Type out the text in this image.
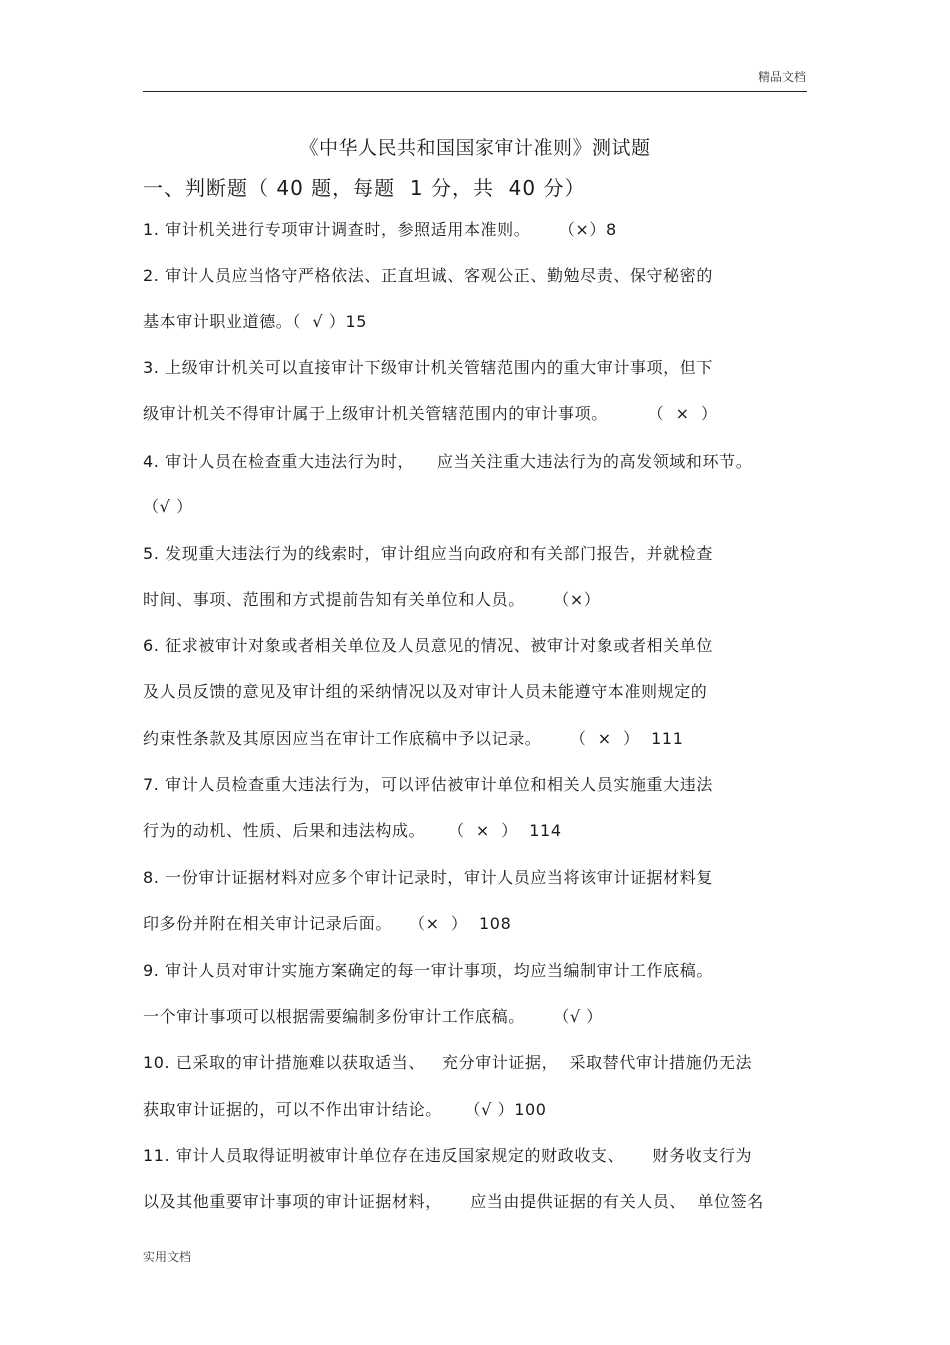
精品文档
《中华人民共和国国家审计准则》测试题
一、判断题（ 40 题，每题  1 分，共  40 分）
1. 审计机关进行专项审计调查时，参照适用本准则。     （×）8
2. 审计人员应当恪守严格依法、正直坦诚、客观公正、勤勉尽责、保守秘密的
基本审计职业道德。（  √ ）15
3. 上级审计机关可以直接审计下级审计机关管辖范围内的重大审计事项，但下
级审计机关不得审计属于上级审计机关管辖范围内的审计事项。       （  ×  ）
4. 审计人员在检查重大违法行为时，    应当关注重大违法行为的高发领域和环节。
（√ ）
5. 发现重大违法行为的线索时，审计组应当向政府和有关部门报告，并就检查
时间、事项、范围和方式提前告知有关单位和人员。     （×）
6. 征求被审计对象或者相关单位及人员意见的情况、被审计对象或者相关单位
及人员反馈的意见及审计组的采纳情况以及对审计人员未能遵守本准则规定的
约束性条款及其原因应当在审计工作底稿中予以记录。     （  ×  ）  111
7. 审计人员检查重大违法行为，可以评估被审计单位和相关人员实施重大违法
行为的动机、性质、后果和违法构成。    （  ×  ）  114
8. 一份审计证据材料对应多个审计记录时，审计人员应当将该审计证据材料复
印多份并附在相关审计记录后面。   （×  ）  108
9. 审计人员对审计实施方案确定的每一审计事项，均应当编制审计工作底稿。
一个审计事项可以根据需要编制多份审计工作底稿。     （√ ）
10. 已采取的审计措施难以获取适当、   充分审计证据，  采取替代审计措施仍无法
获取审计证据的，可以不作出审计结论。    （√ ）100
11. 审计人员取得证明被审计单位存在违反国家规定的财政收支、     财务收支行为
以及其他重要审计事项的审计证据材料，     应当由提供证据的有关人员、  单位签名
实用文档
